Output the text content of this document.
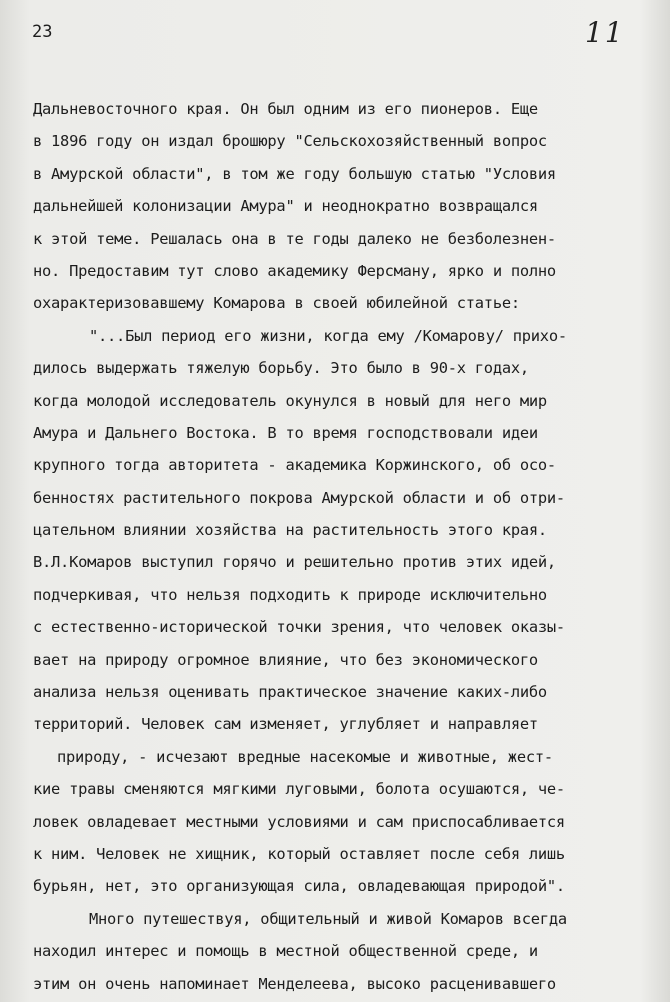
23	11
Дальневосточного края. Он был одним из его пионеров. Еще
в 1896 году он издал брошюру "Сельскохозяйственный вопрос
в Амурской области", в том же году большую статью "Условия
дальнейшей колонизации Амура" и неоднократно возвращался
к этой теме. Решалась она в те годы далеко не безболезнен-
но. Предоставим тут слово академику Ферсману, ярко и полно
охарактеризовавшему Комарова в своей юбилейной статье:
"...Был период его жизни, когда ему /Комарову/ прихо-
дилось выдержать тяжелую борьбу. Это было в 90-х годах,
когда молодой исследователь окунулся в новый для него мир
Амура и Дальнего Востока. В то время господствовали идеи
крупного тогда авторитета - академика Коржинского, об осо-
бенностях растительного покрова Амурской области и об отри-
цательном влиянии хозяйства на растительность этого края.
В.Л.Комаров выступил горячо и решительно против этих идей,
подчеркивая, что нельзя подходить к природе исключительно
с естественно-исторической точки зрения, что человек оказы-
вает на природу огромное влияние, что без экономического
анализа нельзя оценивать практическое значение каких-либо
территорий. Человек сам изменяет, углубляет и направляет
природу, - исчезают вредные насекомые и животные, жест-
кие травы сменяются мягкими луговыми, болота осушаются, че-
ловек овладевает местными условиями и сам приспосабливается
к ним. Человек не хищник, который оставляет после себя лишь
бурьян, нет, это организующая сила, овладевающая природой".
Много путешествуя, общительный и живой Комаров всегда
находил интерес и помощь в местной общественной среде, и
этим он очень напоминает Менделеева, высоко расценивавшего
